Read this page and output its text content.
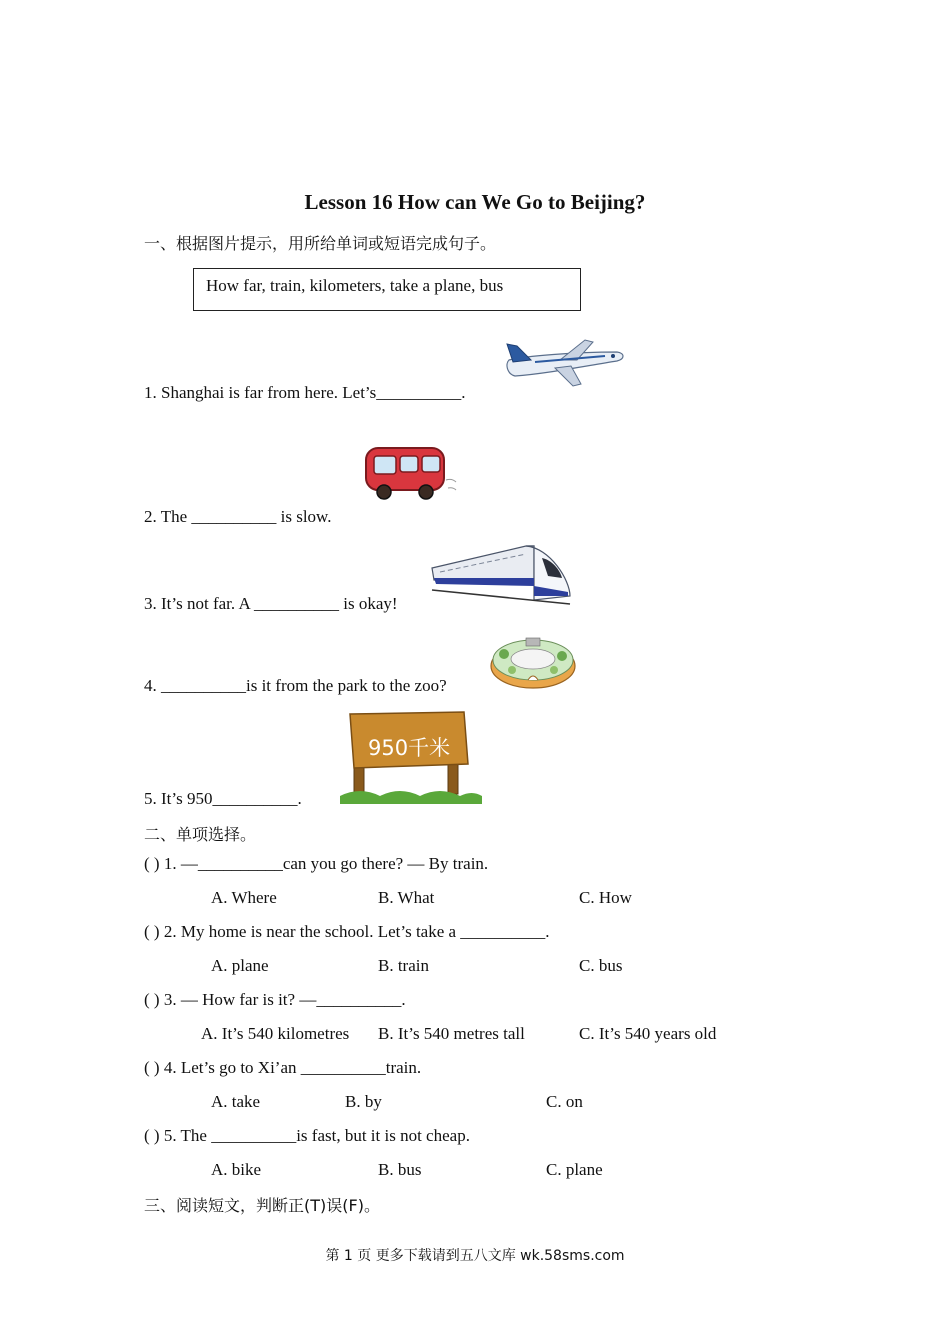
Lesson 16 How can We Go to Beijing?
一、根据图片提示，用所给单词或短语完成句子。
How far, train, kilometers, take a plane, bus
1. Shanghai is far from here. Let’s__________.
2. The __________ is slow.
3. It’s not far. A __________ is okay!
4. __________is it from the park to the zoo?
5. It’s 950__________.
950千米
二、单项选择。
( ) 1. —__________can you go there? — By train.
A. Where	B. What	C. How
( ) 2. My home is near the school. Let’s take a __________.
A. plane	B. train	C. bus
( ) 3. — How far is it? —__________.
A. It’s 540 kilometres B. It’s 540 metres tall	C. It’s 540 years old
( ) 4. Let’s go to Xi’an __________train.
A. take	B. by	C. on
( ) 5. The __________is fast, but it is not cheap.
A. bike	B. bus	C. plane
三、阅读短文，判断正(T)误(F)。
第 1 页 更多下载请到五八文库 wk.58sms.com
